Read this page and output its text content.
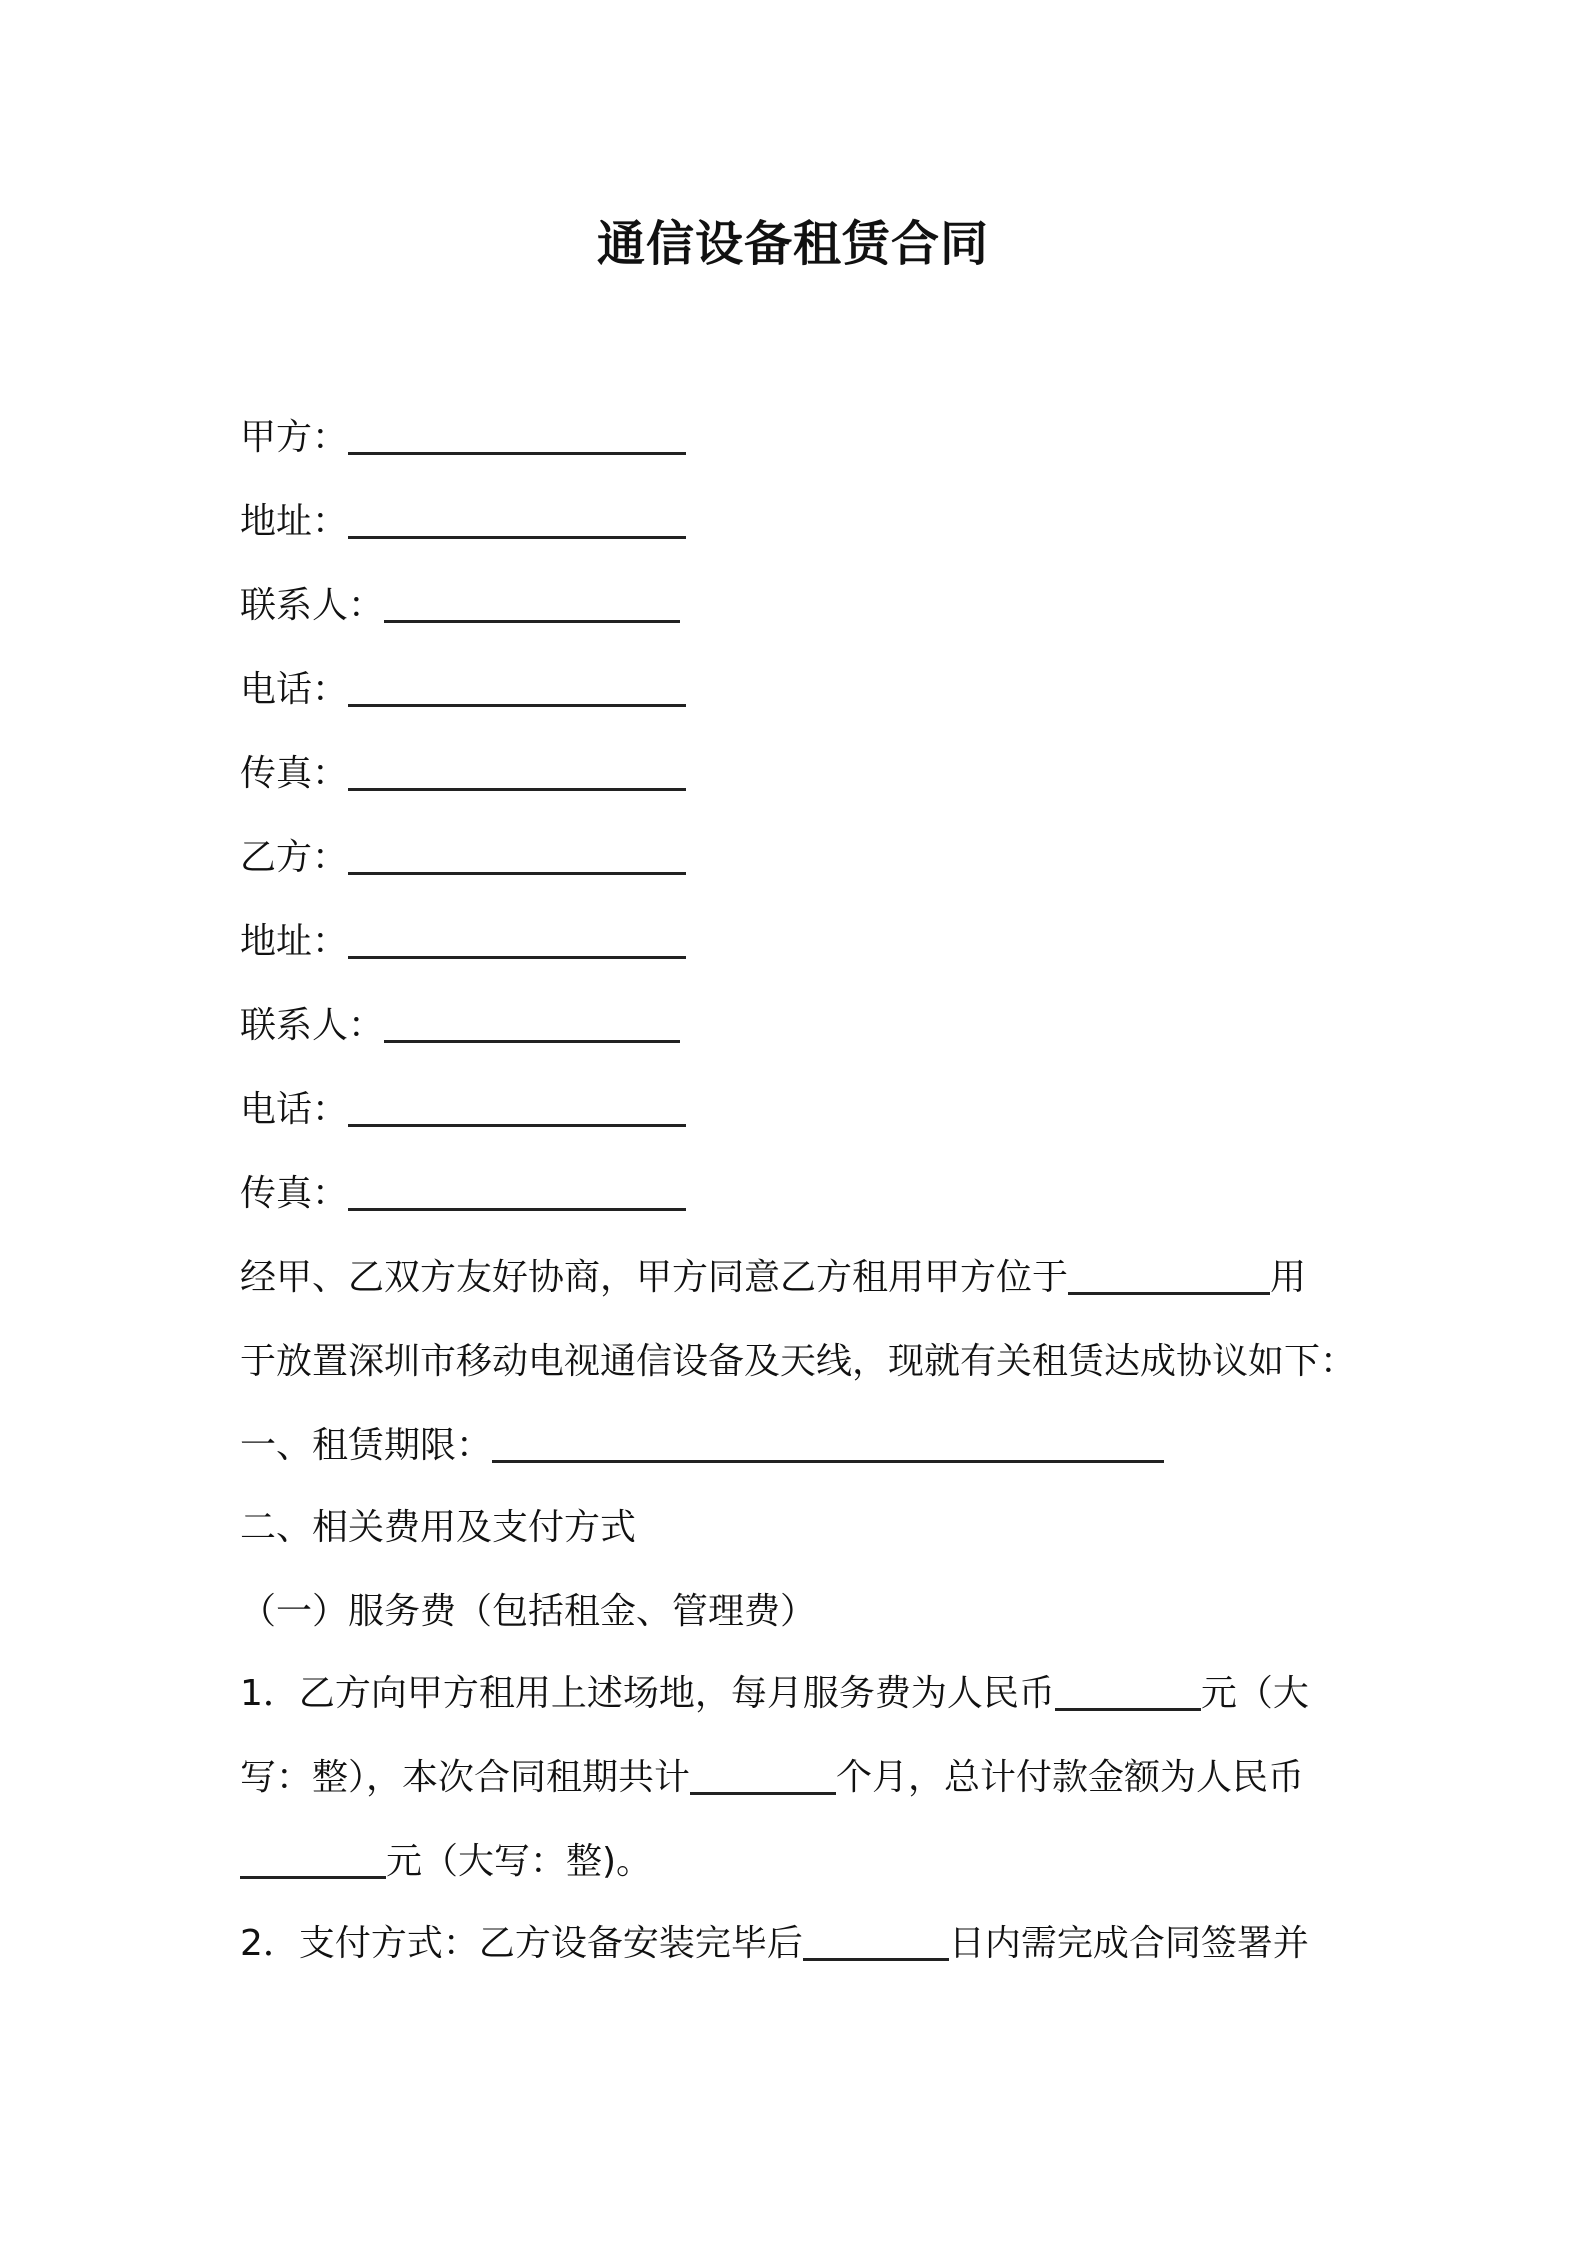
通信设备租赁合同
甲方：
地址：
联系人：
电话：
传真：
乙方：
地址：
联系人：
电话：
传真：
经甲、乙双方友好协商，甲方同意乙方租用甲方位于	用
于放置深圳市移动电视通信设备及天线，现就有关租赁达成协议如下：
一、租赁期限：
二、相关费用及支付方式
（一）服务费（包括租金、管理费）
1．乙方向甲方租用上述场地，每月服务费为人民币	元（大
写：整），本次合同租期共计	个月，总计付款金额为人民币
元（大写：整)。
2．支付方式：乙方设备安装完毕后	日内需完成合同签署并
